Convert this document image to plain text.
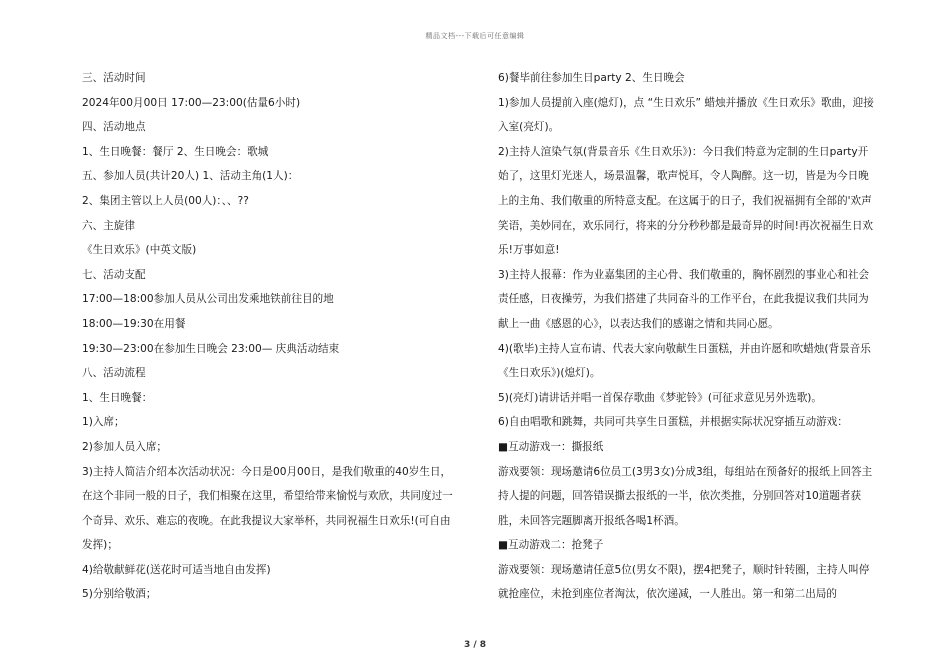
精品文档---下载后可任意编辑

三、活动时间

2024年00月00日 17:00—23:00(估量6小时)

四、活动地点

1、生日晚餐：餐厅 2、生日晚会：歌城

五、参加人员(共计20人) 1、活动主角(1人)：

2、集团主管以上人员(00人)：、、??

六、主旋律

《生日欢乐》(中英文版)

七、活动支配

17:00—18:00参加人员从公司出发乘地铁前往目的地

18:00—19:30在用餐

19:30—23:00在参加生日晚会 23:00— 庆典活动结束

八、活动流程

1、生日晚餐：

1)入席；

2)参加人员入席；

3)主持人简洁介绍本次活动状况：今日是00月00日，是我们敬重的40岁生日，在这个非同一般的日子，我们相聚在这里，希望给带来愉悦与欢欣，共同度过一个奇异、欢乐、难忘的夜晚。在此我提议大家举杯，共同祝福生日欢乐!(可自由发挥)；

4)给敬献鲜花(送花时可适当地自由发挥)

5)分别给敬酒；

6)餐毕前往参加生日party 2、生日晚会

1)参加人员提前入座(熄灯)，点 “生日欢乐” 蜡烛并播放《生日欢乐》歌曲，迎接入室(亮灯)。

2)主持人渲染气氛(背景音乐《生日欢乐》)：今日我们特意为定制的生日party开始了，这里灯光迷人，场景温馨，歌声悦耳，令人陶醉。这一切，皆是为今日晚上的主角、我们敬重的所特意支配。在这属于的日子，我们祝福拥有全部的'欢声笑语，美妙同在，欢乐同行，将来的分分秒秒都是最奇异的时间!再次祝福生日欢乐!万事如意!

3)主持人报幕：作为业嘉集团的主心骨、我们敬重的，胸怀剧烈的事业心和社会责任感，日夜操劳，为我们搭建了共同奋斗的工作平台，在此我提议我们共同为献上一曲《感恩的心》，以表达我们的感谢之情和共同心愿。

4)(歌毕)主持人宣布请、代表大家向敬献生日蛋糕，并由许愿和吹蜡烛(背景音乐《生日欢乐》)(熄灯)。

5)(亮灯)请讲话并唱一首保存歌曲《梦驼铃》(可征求意见另外选歌)。

6)自由唱歌和跳舞，共同可共享生日蛋糕，并根据实际状况穿插互动游戏：

■互动游戏一：撕报纸

游戏要领：现场邀请6位员工(3男3女)分成3组，每组站在预备好的报纸上回答主持人提的问题，回答错误撕去报纸的一半，依次类推，分别回答对10道题者获胜，未回答完题脚离开报纸各喝1杯酒。

■互动游戏二：抢凳子

游戏要领：现场邀请任意5位(男女不限)，摆4把凳子，顺时针转圈，主持人叫停就抢座位，未抢到座位者淘汰，依次递减，一人胜出。第一和第二出局的

3 / 8
